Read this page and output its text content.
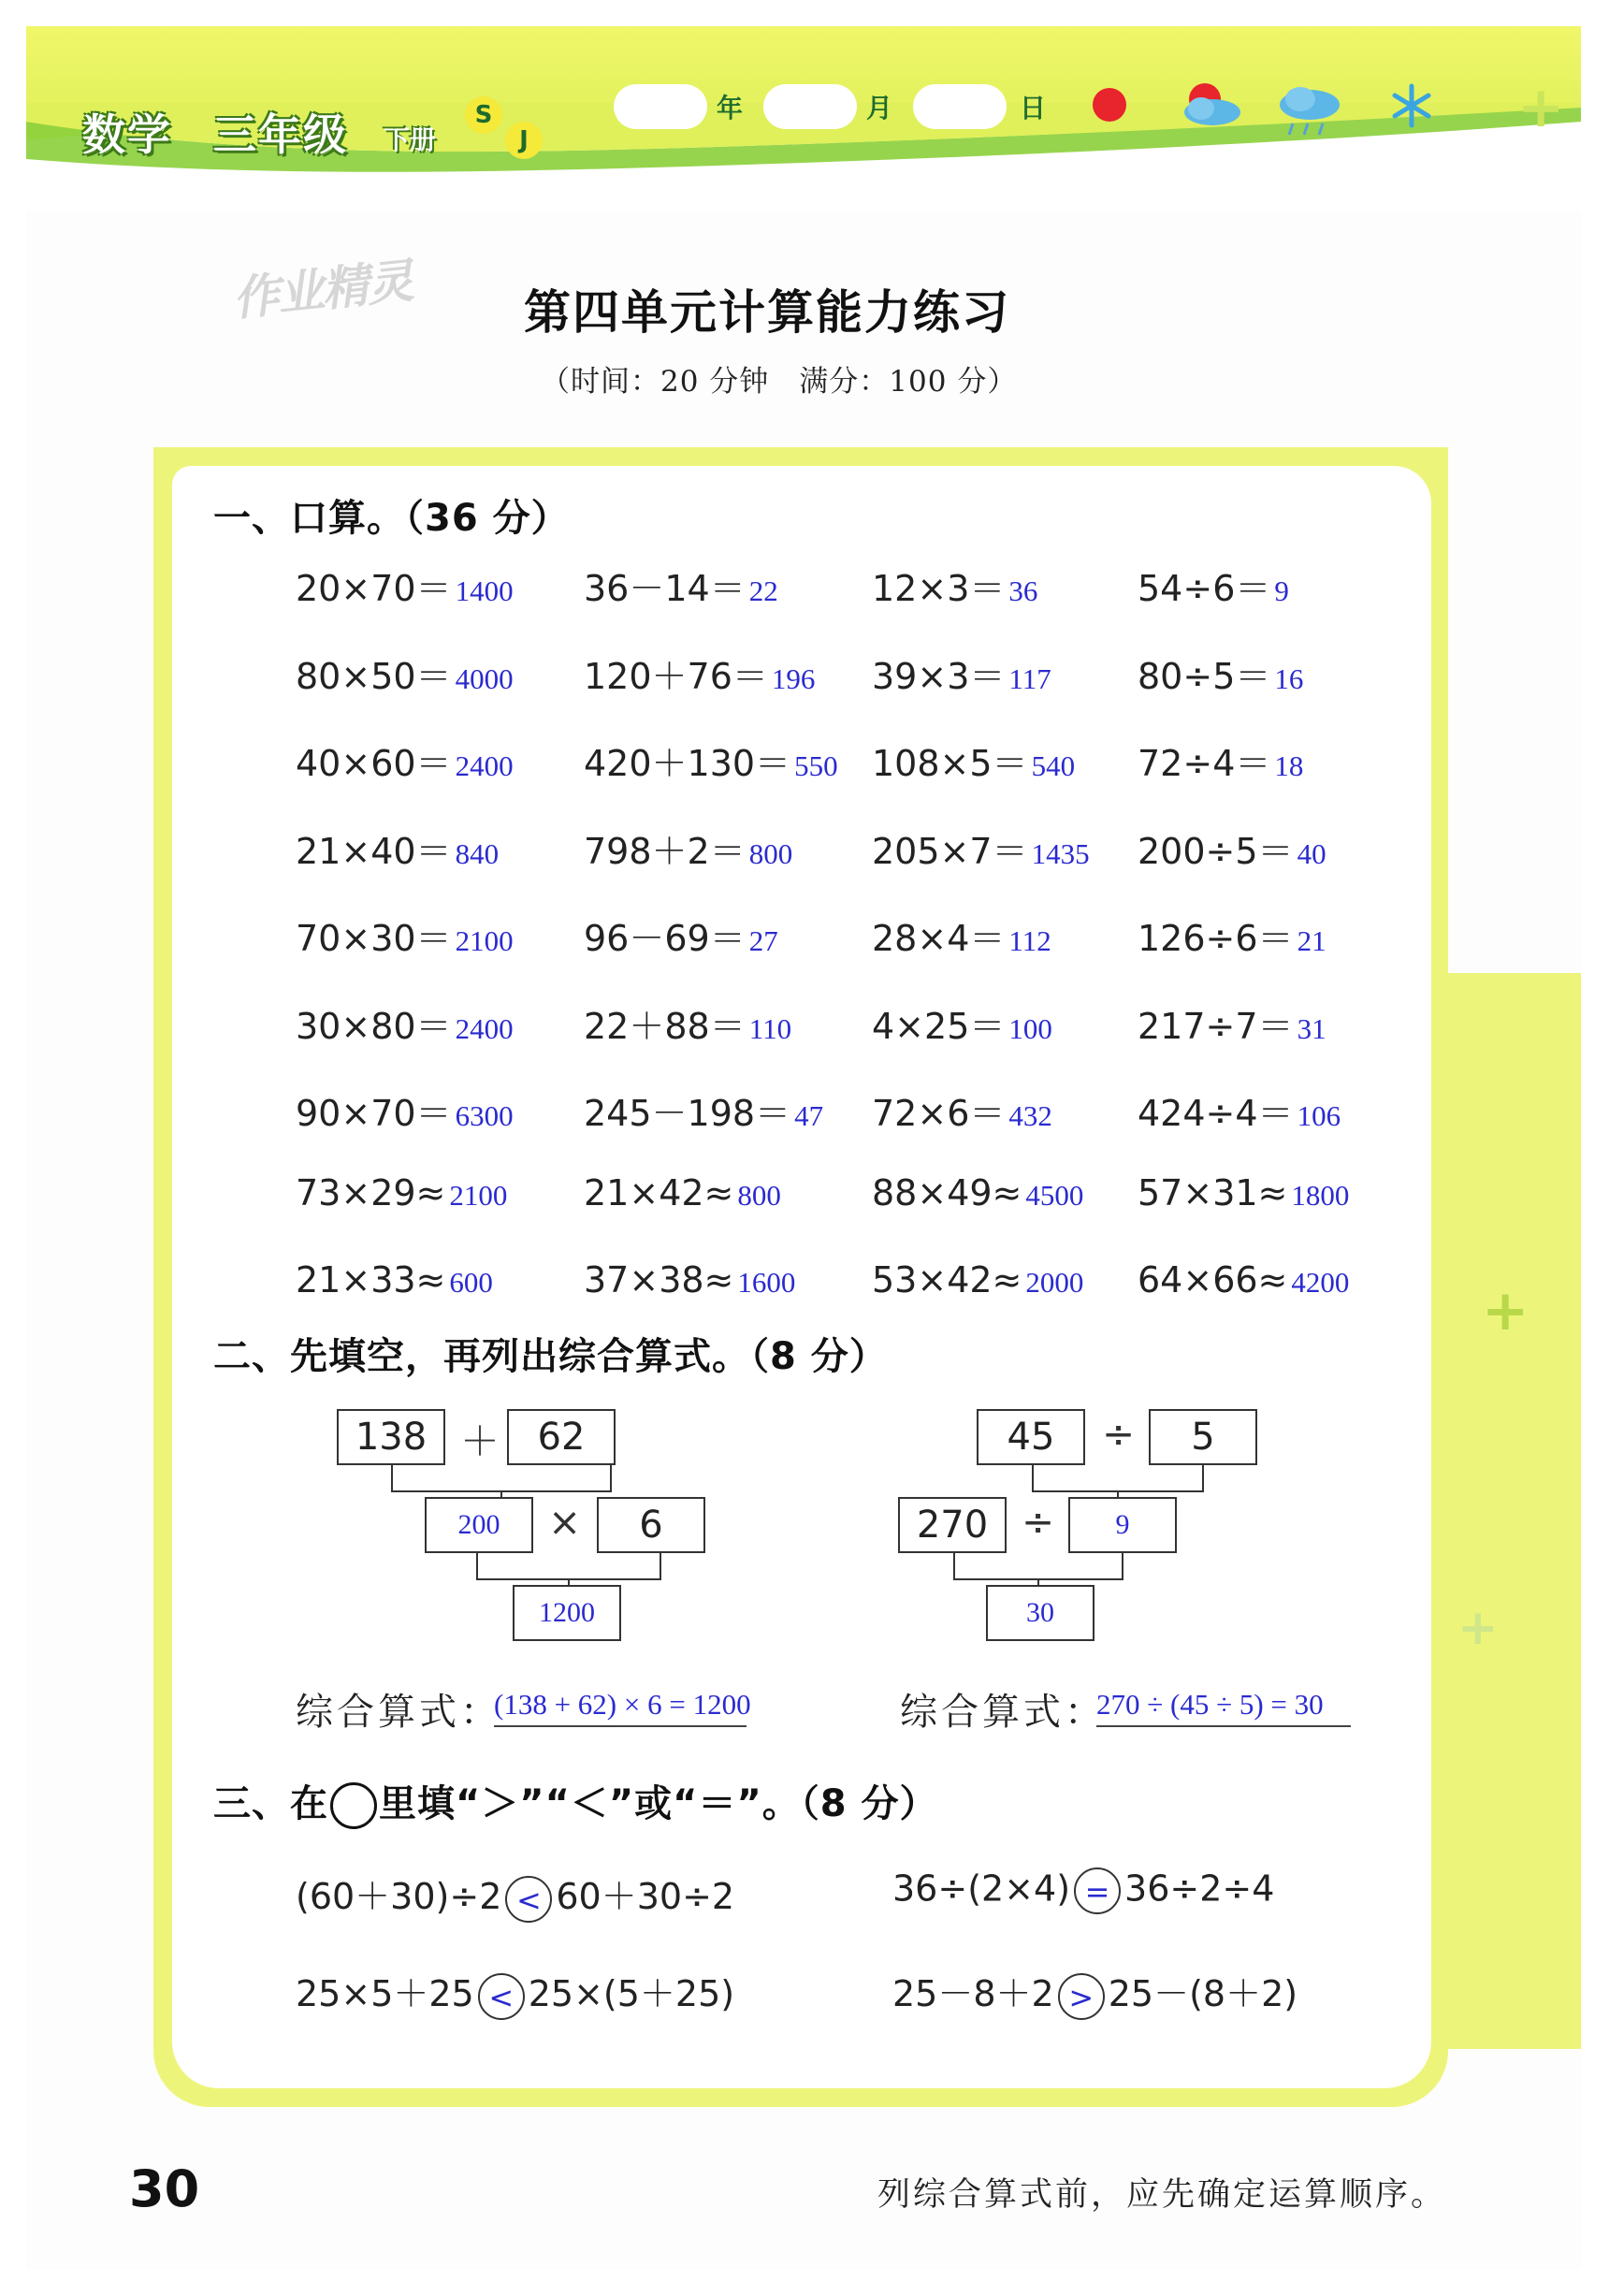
数学 三年级 下册
S
J
年	月	日	+
作业精灵 第四单元计算能力练习
（时间：20 分钟　满分：100 分）
+
+
一、口算。（36 分）
20×70＝ 1400 36－14＝ 22	12×3＝ 36	54÷6＝ 9
80×50＝ 4000 120＋76＝ 196 39×3＝ 117 80÷5＝ 16
40×60＝ 2400 420＋130＝ 550 108×5＝ 540 72÷4＝ 18
21×40＝ 840 798＋2＝ 800 205×7＝ 1435 200÷5＝ 40
70×30＝ 2100 96－69＝ 27	28×4＝ 112 126÷6＝ 21
30×80＝ 2400 22＋88＝ 110 4×25＝ 100 217÷7＝ 31
90×70＝ 6300 245－198＝ 47 72×6＝ 432 424÷4＝ 106
73×29≈ 2100 21×42≈ 800	88×49≈ 4500 57×31≈ 1800
21×33≈ 600	37×38≈ 1600 53×42≈ 2000 64×66≈ 4200
二、先填空，再列出综合算式。（8 分）
138 ＋	62
200	×	6
1200
45	÷	5
270 ÷	9
30
综合算式：
(138 + 62) × 6 = 1200	综合算式：
270 ÷ (45 ÷ 5) = 30
三、在 里填“＞”“＜”或“＝”。（8 分）
(60＋30)÷2 < 60＋30÷2	36÷(2×4) = 36÷2÷4
25×5＋25 < 25×(5＋25)	25－8＋2 > 25－(8＋2)
30	列综合算式前，应先确定运算顺序。
